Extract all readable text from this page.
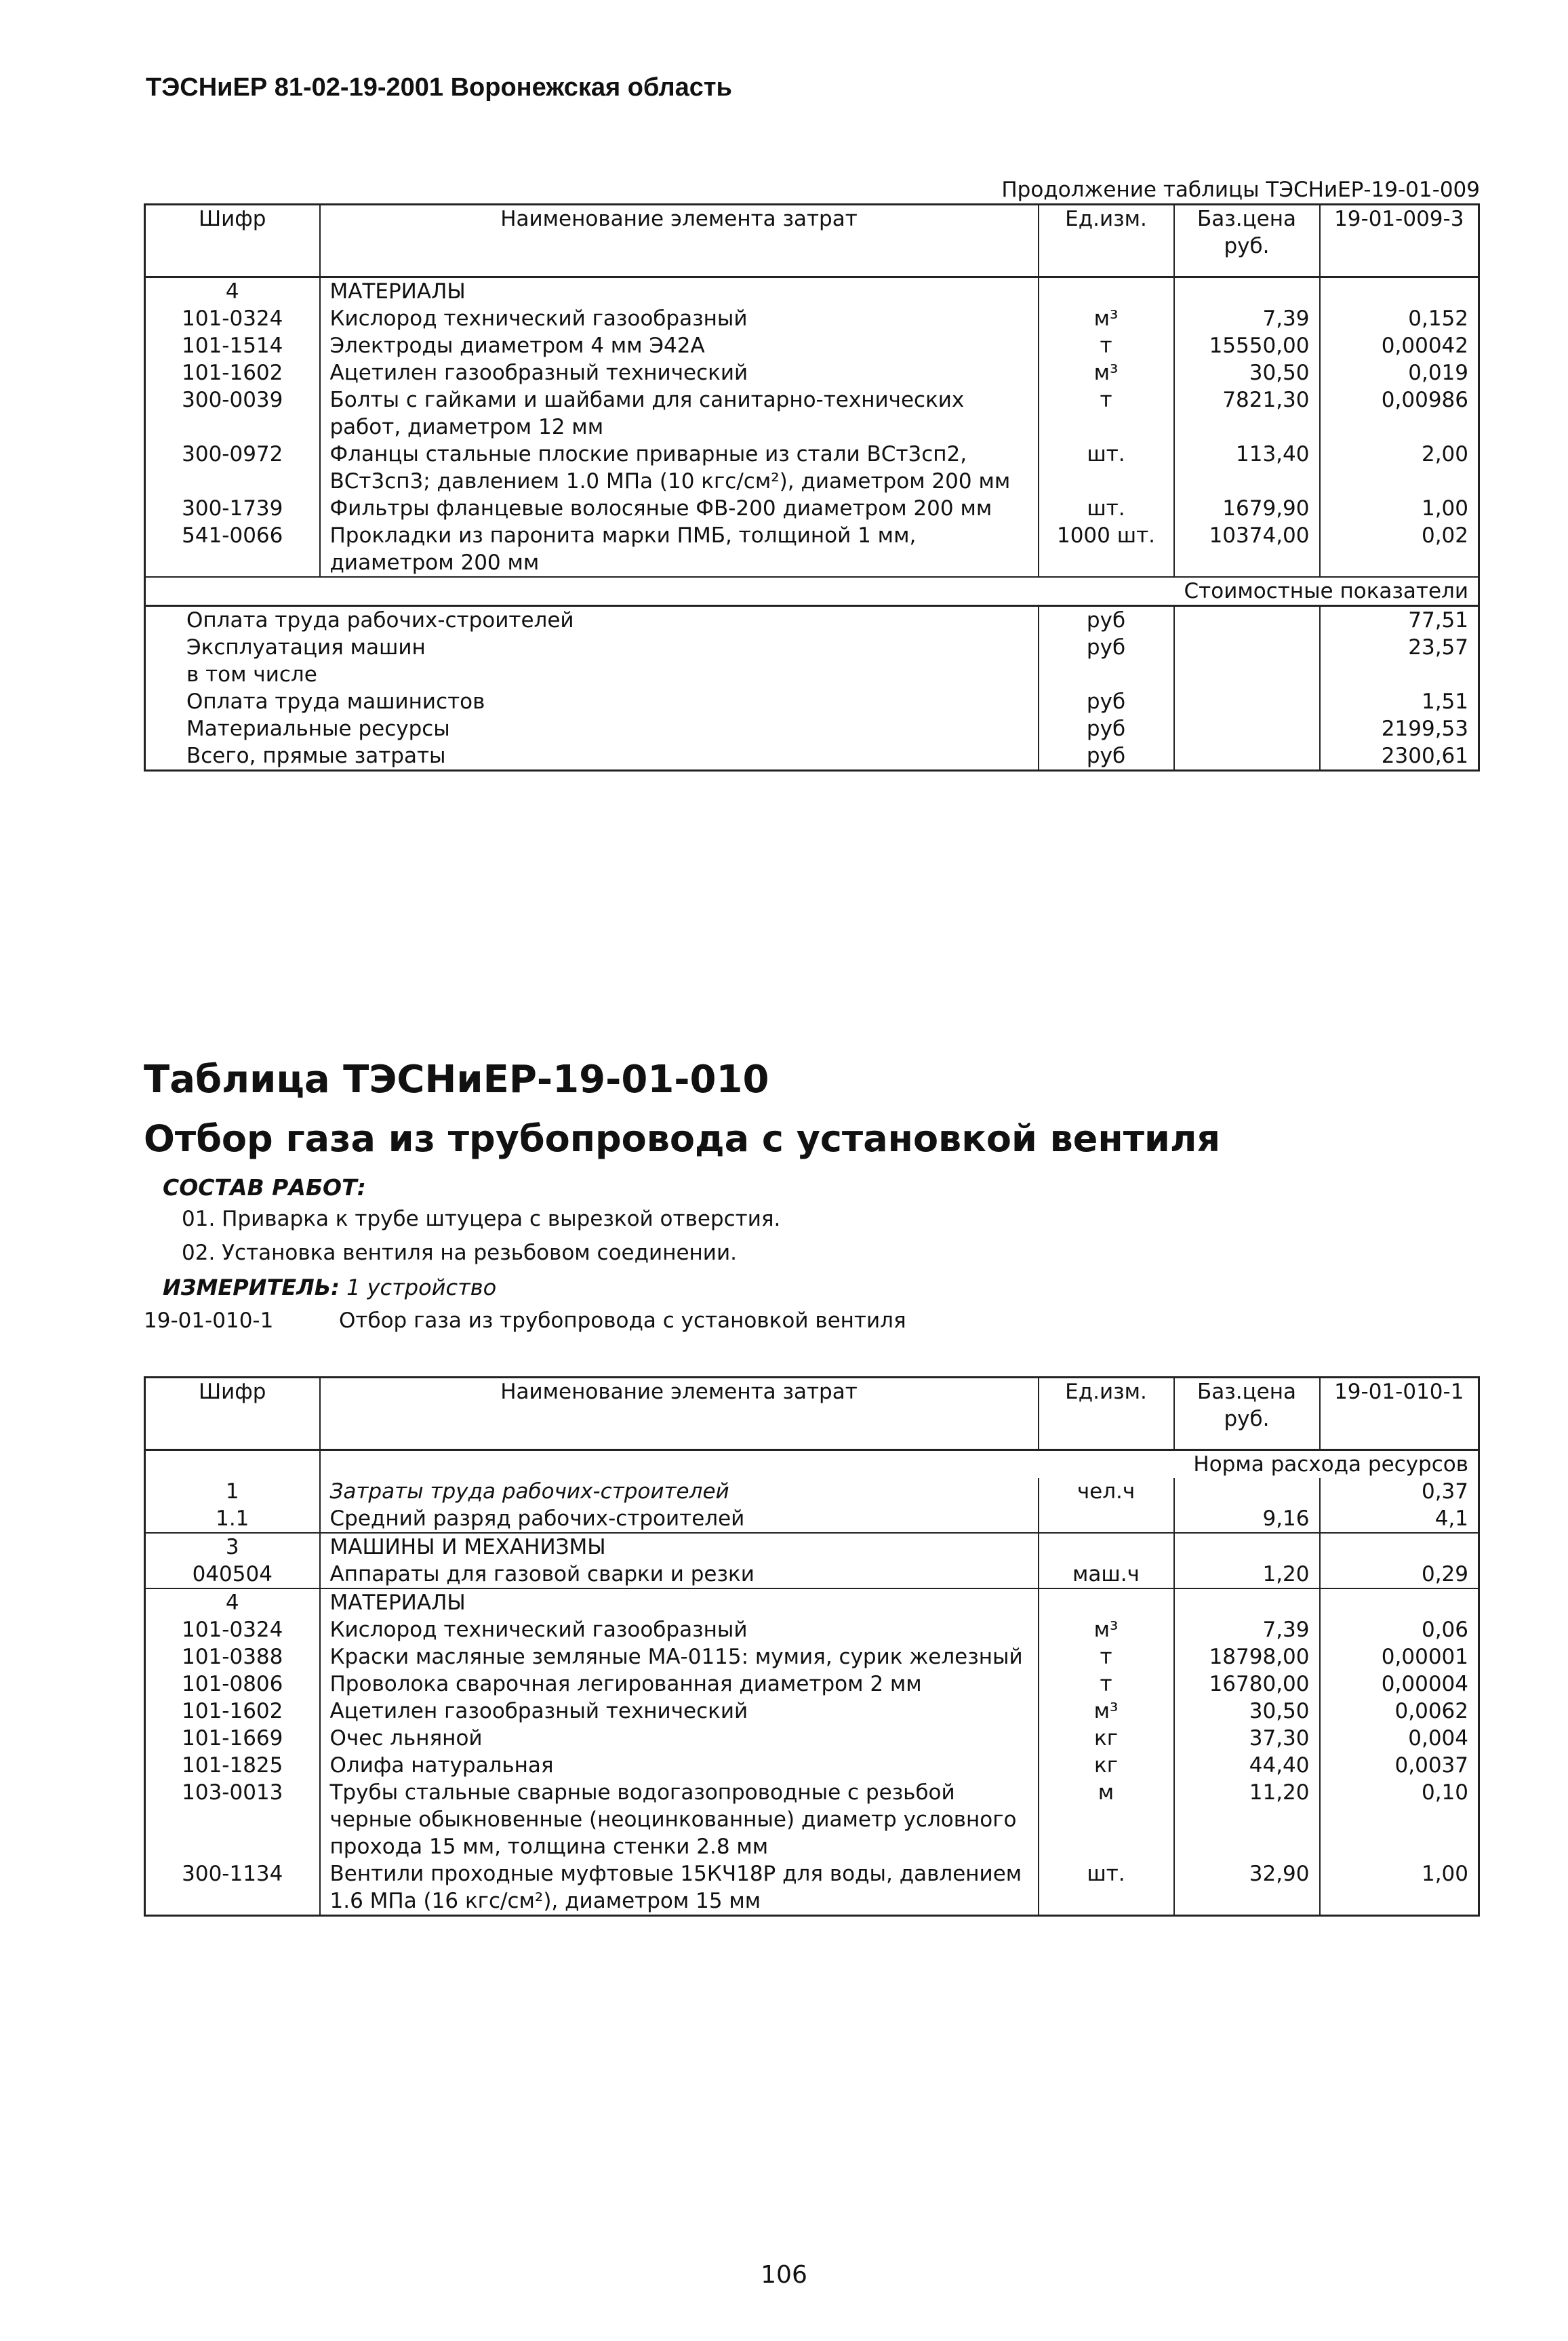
ТЭСНиЕР 81-02-19-2001 Воронежская область
Продолжение таблицы ТЭСНиЕР-19-01-009
Шифр	Наименование элемента затрат	Ед.изм.	Баз.цена руб.	19-01-009-3
4	МАТЕРИАЛЫ			
101-0324	Кислород технический газообразный	м³	7,39	0,152
101-1514	Электроды диаметром 4 мм Э42А	т	15550,00	0,00042
101-1602	Ацетилен газообразный технический	м³	30,50	0,019
300-0039	Болты с гайками и шайбами для санитарно-технических работ, диаметром 12 мм	т	7821,30	0,00986
300-0972	Фланцы стальные плоские приварные из стали ВСт3сп2, ВСт3сп3; давлением 1.0 МПа (10 кгс/см²), диаметром 200 мм	шт.	113,40	2,00
300-1739	Фильтры фланцевые волосяные ФВ-200 диаметром 200 мм	шт.	1679,90	1,00
541-0066	Прокладки из паронита марки ПМБ, толщиной 1 мм, диаметром 200 мм	1000 шт.	10374,00	0,02
Стоимостные показатели				
Оплата труда рабочих-строителей		руб		77,51
Эксплуатация машин		руб		23,57
в том числе				
Оплата труда машинистов		руб		1,51
Материальные ресурсы		руб		2199,53
Всего, прямые затраты		руб		2300,61
Таблица ТЭСНиЕР-19-01-010
Отбор газа из трубопровода с установкой вентиля
СОСТАВ РАБОТ:
01. Приварка к трубе штуцера с вырезкой отверстия.
02. Установка вентиля на резьбовом соединении.
ИЗМЕРИТЕЛЬ: 1 устройство
19-01-010-1	Отбор газа из трубопровода с установкой вентиля
Шифр	Наименование элемента затрат	Ед.изм.	Баз.цена руб.	19-01-010-1
	Норма расхода ресурсов			
1	Затраты труда рабочих-строителей	чел.ч		0,37
1.1	Средний разряд рабочих-строителей		9,16	4,1
3	МАШИНЫ И МЕХАНИЗМЫ			
040504	Аппараты для газовой сварки и резки	маш.ч	1,20	0,29
4	МАТЕРИАЛЫ			
101-0324	Кислород технический газообразный	м³	7,39	0,06
101-0388	Краски масляные земляные МА-0115: мумия, сурик железный	т	18798,00	0,00001
101-0806	Проволока сварочная легированная диаметром 2 мм	т	16780,00	0,00004
101-1602	Ацетилен газообразный технический	м³	30,50	0,0062
101-1669	Очес льняной	кг	37,30	0,004
101-1825	Олифа натуральная	кг	44,40	0,0037
103-0013	Трубы стальные сварные водогазопроводные с резьбой черные обыкновенные (неоцинкованные) диаметр условного прохода 15 мм, толщина стенки 2.8 мм	м	11,20	0,10
300-1134	Вентили проходные муфтовые 15КЧ18Р для воды, давлением 1.6 МПа (16 кгс/см²), диаметром 15 мм	шт.	32,90	1,00
106
